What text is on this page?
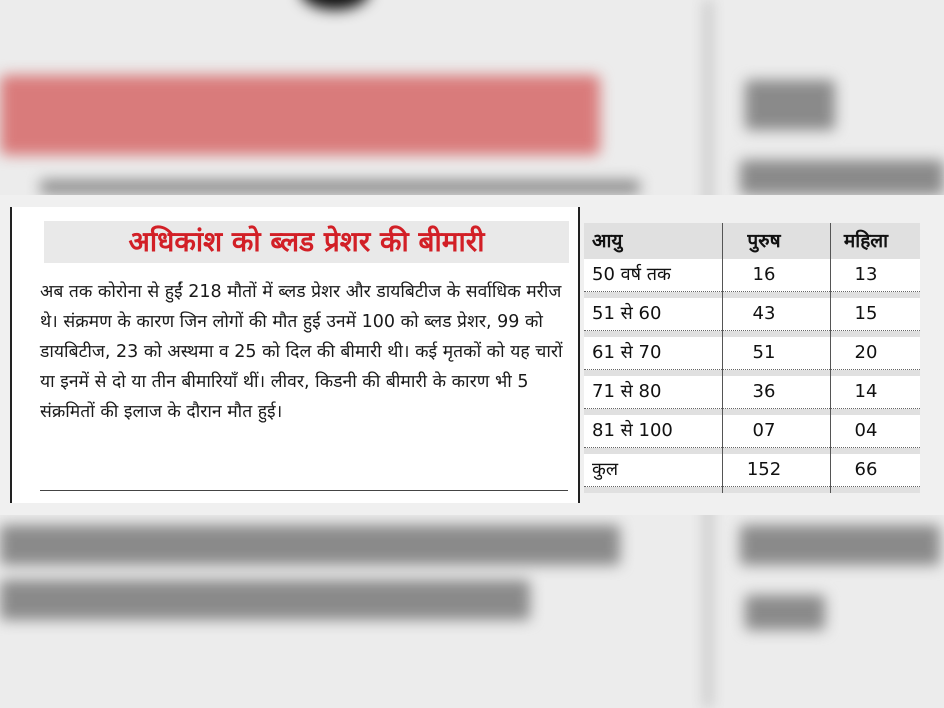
अधिकांश को ब्लड प्रेशर की बीमारी
अब तक कोरोना से हुईं 218 मौतों में ब्लड प्रेशर और डायबिटीज के सर्वाधिक मरीज थे। संक्रमण के कारण जिन लोगों की मौत हुई उनमें 100 को ब्लड प्रेशर, 99 को डायबिटीज, 23 को अस्थमा व 25 को दिल की बीमारी थी। कई मृतकों को यह चारों या इनमें से दो या तीन बीमारियाँ थीं। लीवर, किडनी की बीमारी के कारण भी 5 संक्रमितों की इलाज के दौरान मौत हुई।
आयु	पुरुष	महिला
50 वर्ष तक	16	13
51 से 60	43	15
61 से 70	51	20
71 से 80	36	14
81 से 100	07	04
कुल	152	66
